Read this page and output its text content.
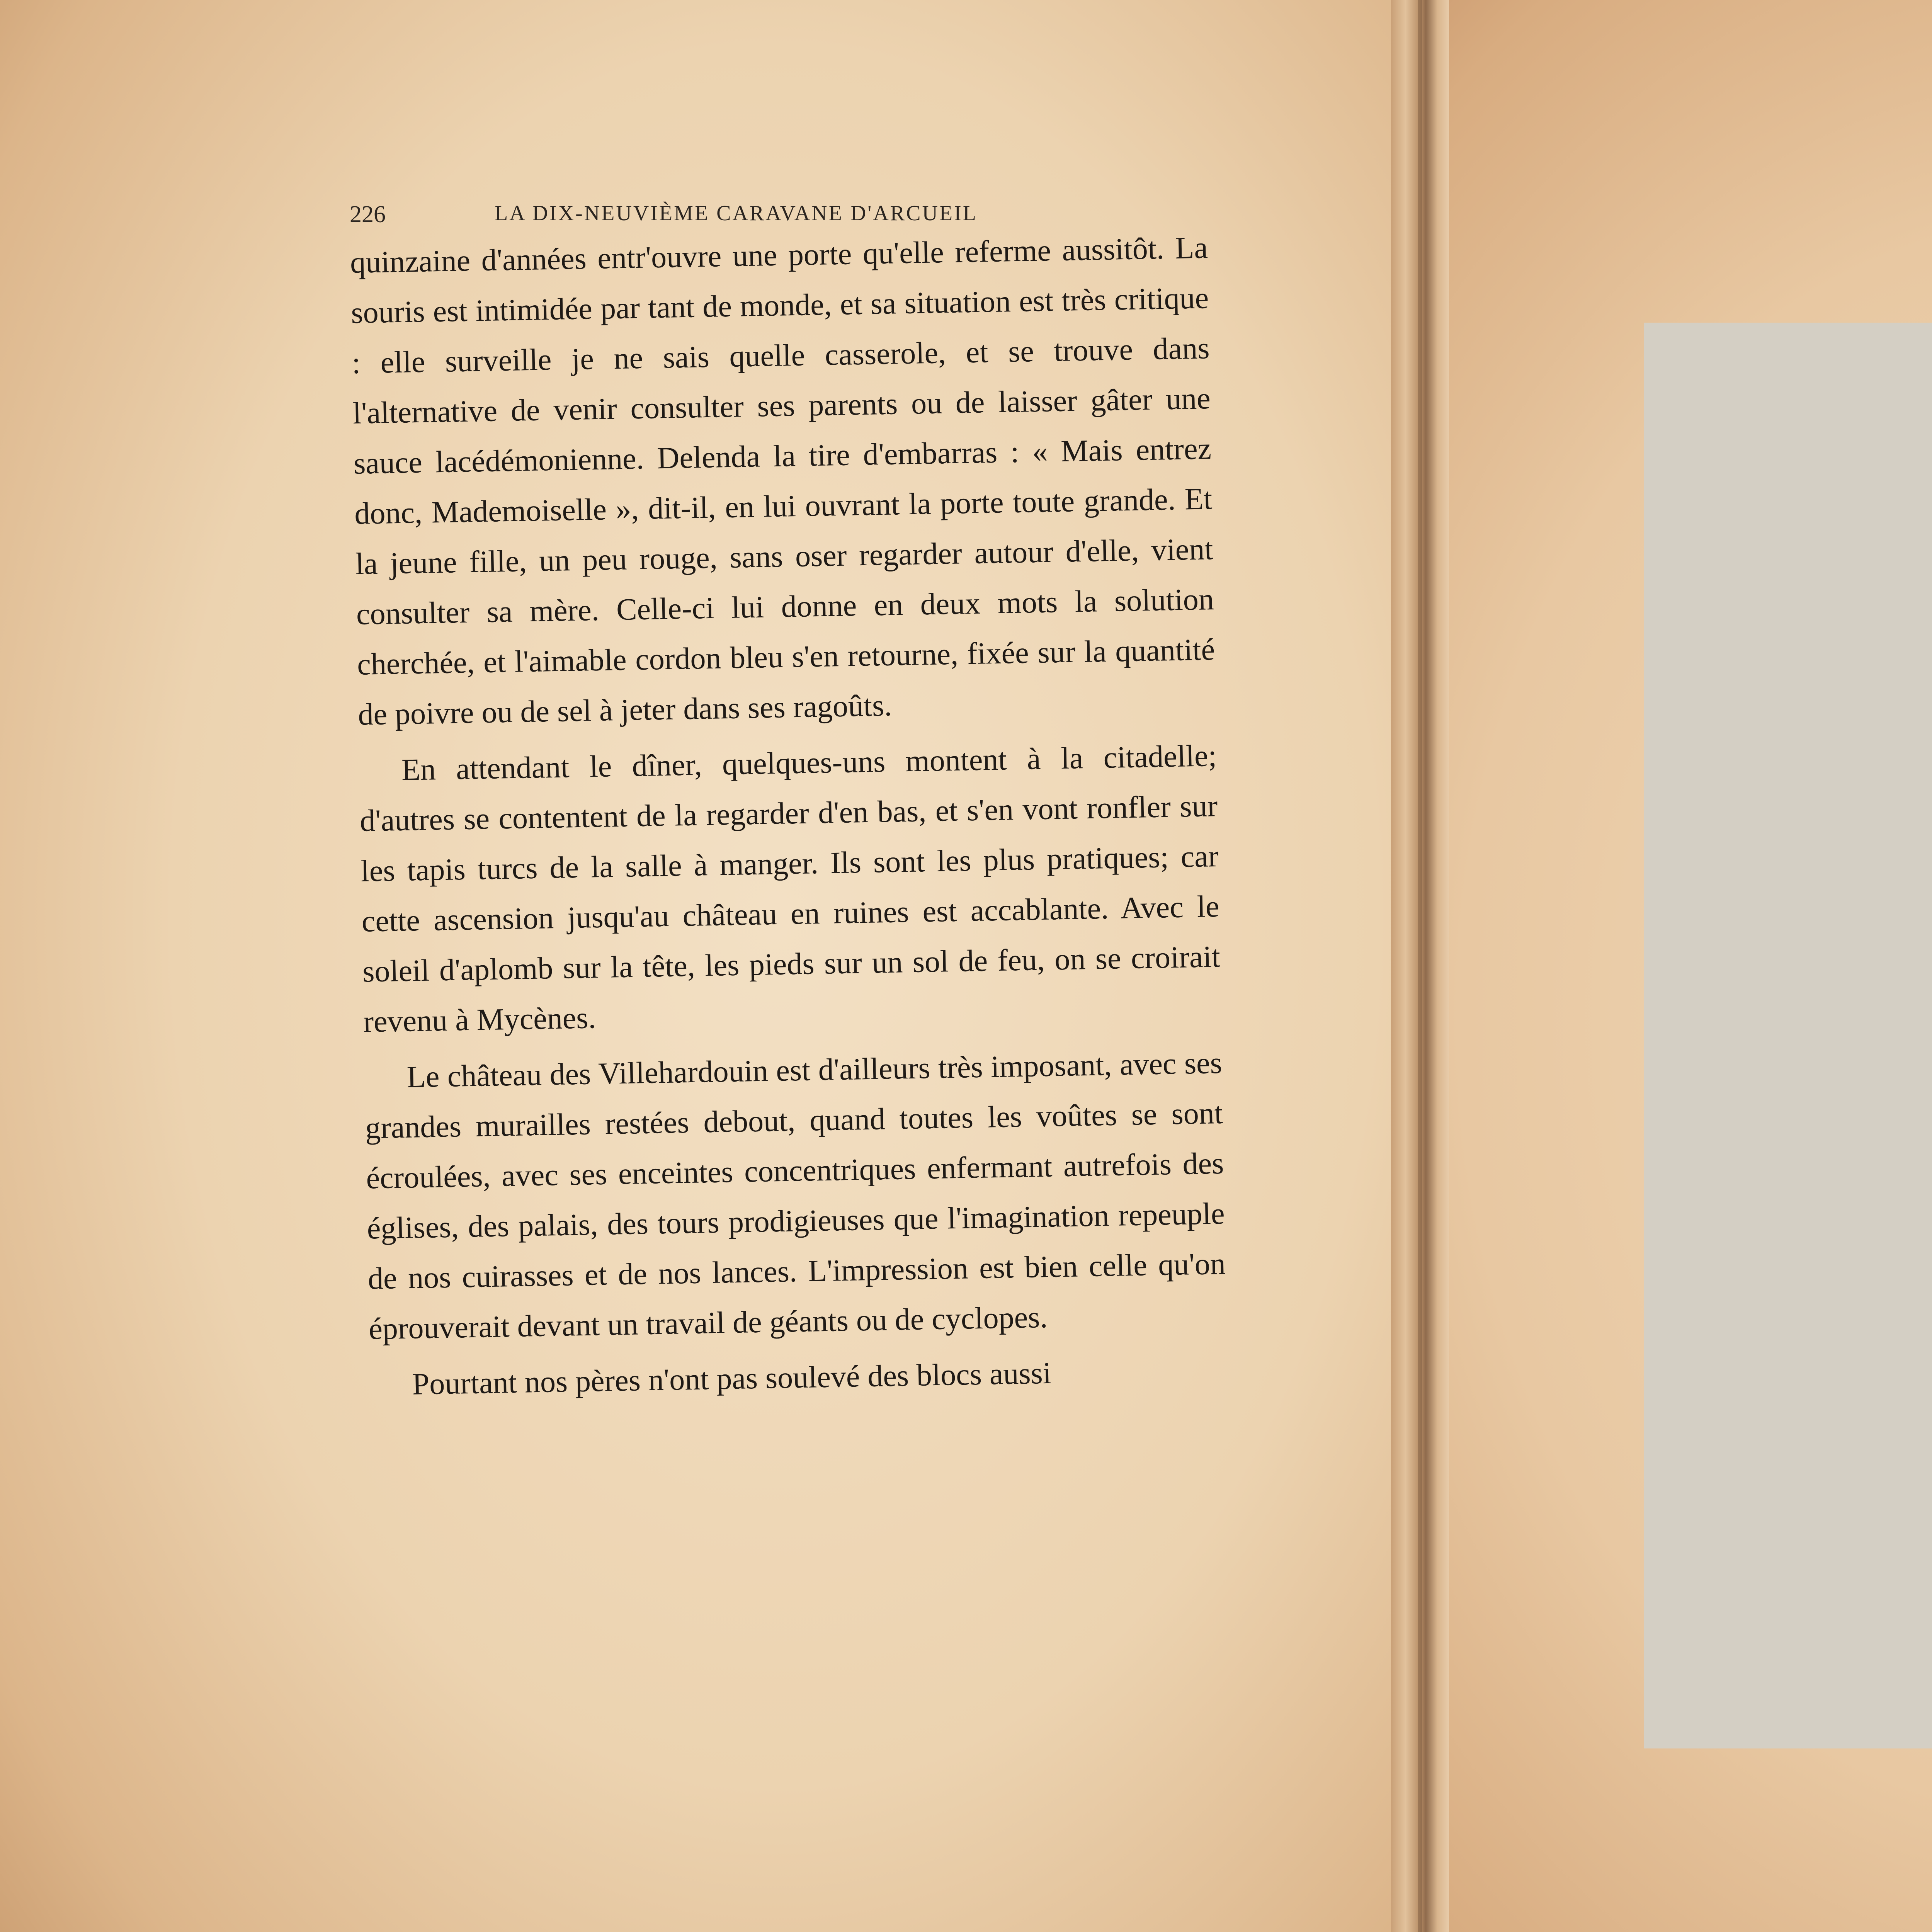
226	LA DIX-NEUVIÈME CARAVANE D'ARCUEIL

quinzaine d'années entr'ouvre une porte qu'elle referme aussitôt. La souris est intimidée par tant de monde, et sa situation est très critique : elle surveille je ne sais quelle casserole, et se trouve dans l'alternative de venir consulter ses parents ou de laisser gâter une sauce lacédémonienne. Delenda la tire d'embarras : « Mais entrez donc, Mademoiselle », dit-il, en lui ouvrant la porte toute grande. Et la jeune fille, un peu rouge, sans oser regarder autour d'elle, vient consulter sa mère. Celle-ci lui donne en deux mots la solution cherchée, et l'aimable cordon bleu s'en retourne, fixée sur la quantité de poivre ou de sel à jeter dans ses ragoûts.

En attendant le dîner, quelques-uns montent à la citadelle; d'autres se contentent de la regarder d'en bas, et s'en vont ronfler sur les tapis turcs de la salle à manger. Ils sont les plus pratiques; car cette ascension jusqu'au château en ruines est accablante. Avec le soleil d'aplomb sur la tête, les pieds sur un sol de feu, on se croirait revenu à Mycènes.

Le château des Villehardouin est d'ailleurs très imposant, avec ses grandes murailles restées debout, quand toutes les voûtes se sont écroulées, avec ses enceintes concentriques enfermant autrefois des églises, des palais, des tours prodigieuses que l'imagination repeuple de nos cuirasses et de nos lances. L'impression est bien celle qu'on éprouverait devant un travail de géants ou de cyclopes.

Pourtant nos pères n'ont pas soulevé des blocs aussi
